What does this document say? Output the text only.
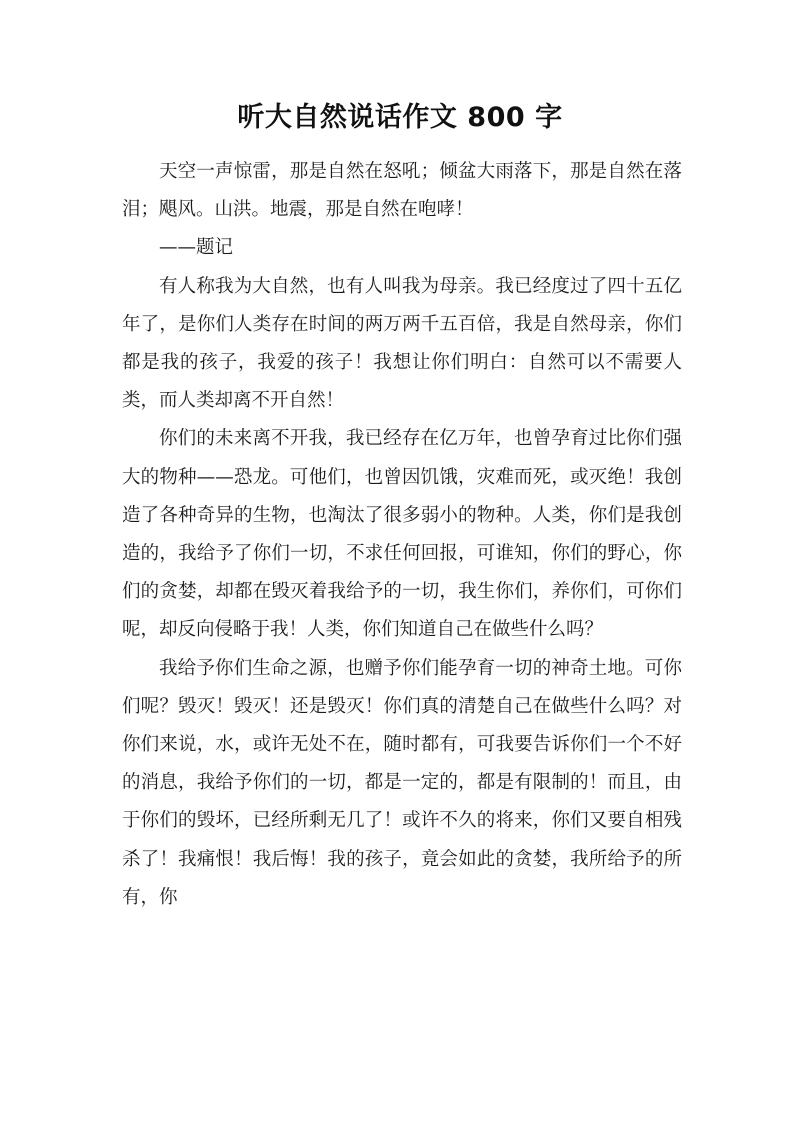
听大自然说话作文 800 字

天空一声惊雷，那是自然在怒吼；倾盆大雨落下，那是自然在落泪；飓风。山洪。地震，那是自然在咆哮！

——题记

有人称我为大自然，也有人叫我为母亲。我已经度过了四十五亿年了，是你们人类存在时间的两万两千五百倍，我是自然母亲，你们都是我的孩子，我爱的孩子！我想让你们明白：自然可以不需要人类，而人类却离不开自然！

你们的未来离不开我，我已经存在亿万年，也曾孕育过比你们强大的物种——恐龙。可他们，也曾因饥饿，灾难而死，或灭绝！我创造了各种奇异的生物，也淘汰了很多弱小的物种。人类，你们是我创造的，我给予了你们一切，不求任何回报，可谁知，你们的野心，你们的贪婪，却都在毁灭着我给予的一切，我生你们，养你们，可你们呢，却反向侵略于我！人类，你们知道自己在做些什么吗？

我给予你们生命之源，也赠予你们能孕育一切的神奇土地。可你们呢？毁灭！毁灭！还是毁灭！你们真的清楚自己在做些什么吗？对你们来说，水，或许无处不在，随时都有，可我要告诉你们一个不好的消息，我给予你们的一切，都是一定的，都是有限制的！而且，由于你们的毁坏，已经所剩无几了！或许不久的将来，你们又要自相残杀了！我痛恨！我后悔！我的孩子，竟会如此的贪婪，我所给予的所有，你
